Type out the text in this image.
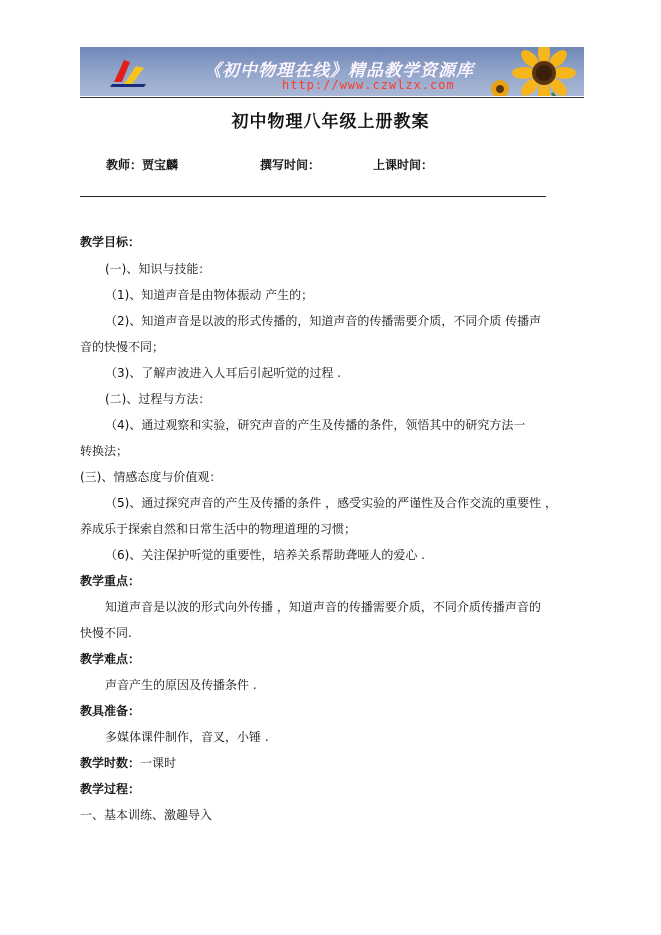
《初中物理在线》精品教学资源库
http://www.czwlzx.com
初中物理八年级上册教案
教师：贾宝麟	撰写时间：	上课时间：
教学目标：
(一)、知识与技能：
（1)、知道声音是由物体振动 产生的；
（2)、知道声音是以波的形式传播的，知道声音的传播需要介质，不同介质 传播声
音的快慢不同；
（3)、了解声波进入人耳后引起听觉的过程 .
(二)、过程与方法：
（4)、通过观察和实验，研究声音的产生及传播的条件，领悟其中的研究方法一
转换法；
(三)、情感态度与价值观：
（5)、通过探究声音的产生及传播的条件 ，感受实验的严谨性及合作交流的重要性 ，
养成乐于探索自然和日常生活中的物理道理的习惯；
（6)、关注保护听觉的重要性，培养关系帮助聋哑人的爱心 .
教学重点：
知道声音是以波的形式向外传播 ，知道声音的传播需要介质，不同介质传播声音的
快慢不同.
教学难点：
声音产生的原因及传播条件 .
教具准备：
多媒体课件制作，音叉，小锤 .
教学时数：一课时
教学过程：
一、基本训练、激趣导入
